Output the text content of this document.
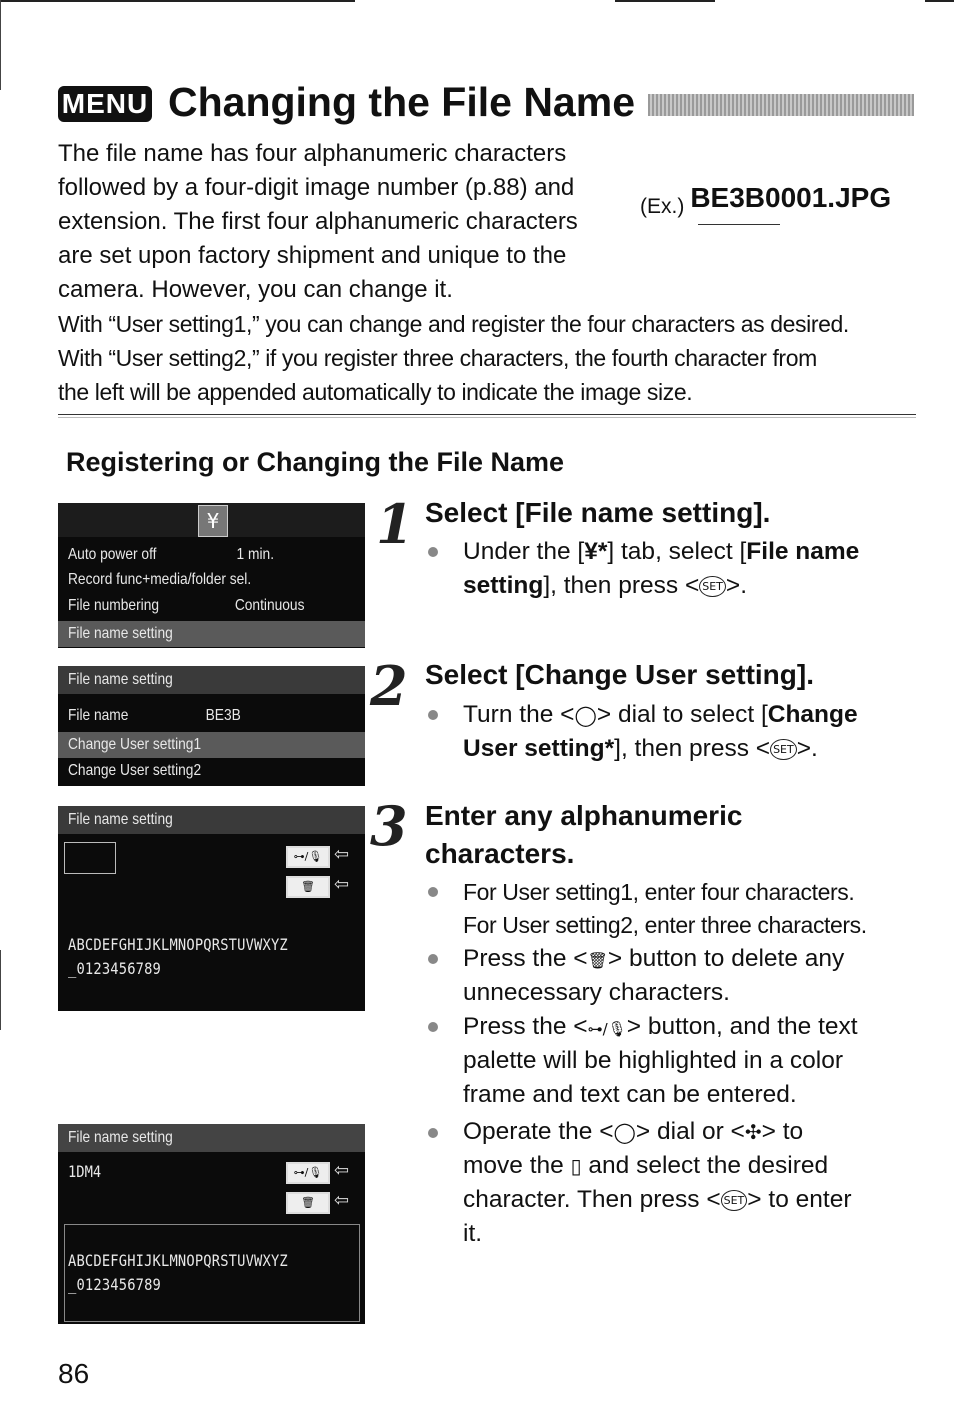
MENU Changing the File Name

The file name has four alphanumeric characters

followed by a four-digit image number (p.88) and

extension. The first four alphanumeric characters

are set upon factory shipment and unique to the

camera. However, you can change it.

(Ex.) BE3B0001.JPG

With “User setting1,” you can change and register the four characters as desired.

With “User setting2,” if you register three characters, the fourth character from

the left will be appended automatically to indicate the image size.

Registering or Changing the File Name
¥
Auto power off	1 min.
Record func+media/folder sel.
File numbering	Continuous
File name setting
File name setting
File name	BE3B
Change User setting1
Change User setting2
File name setting
⊶/🎙 ⇦
🗑	⇦
ABCDEFGHIJKLMNOPQRSTUVWXYZ
_0123456789
File name setting
1DM4	⊶/🎙 ⇦
🗑	⇦
ABCDEFGHIJKLMNOPQRSTUVWXYZ
_0123456789
1 Select [File name setting].
Under the [¥*] tab, select [File name
setting], then press < SET >.
2 Select [Change User setting].
Turn the <◯> dial to select [Change
User setting*], then press < SET >.
3 Enter any alphanumeric
characters.
For User setting1, enter four characters.
For User setting2, enter three characters.
Press the <🗑> button to delete any
unnecessary characters.
Press the <⊶/🎙> button, and the text
palette will be highlighted in a color
frame and text can be entered.
Operate the <◯> dial or <✣> to
move the ▯ and select the desired
character. Then press < SET > to enter
it.
86
